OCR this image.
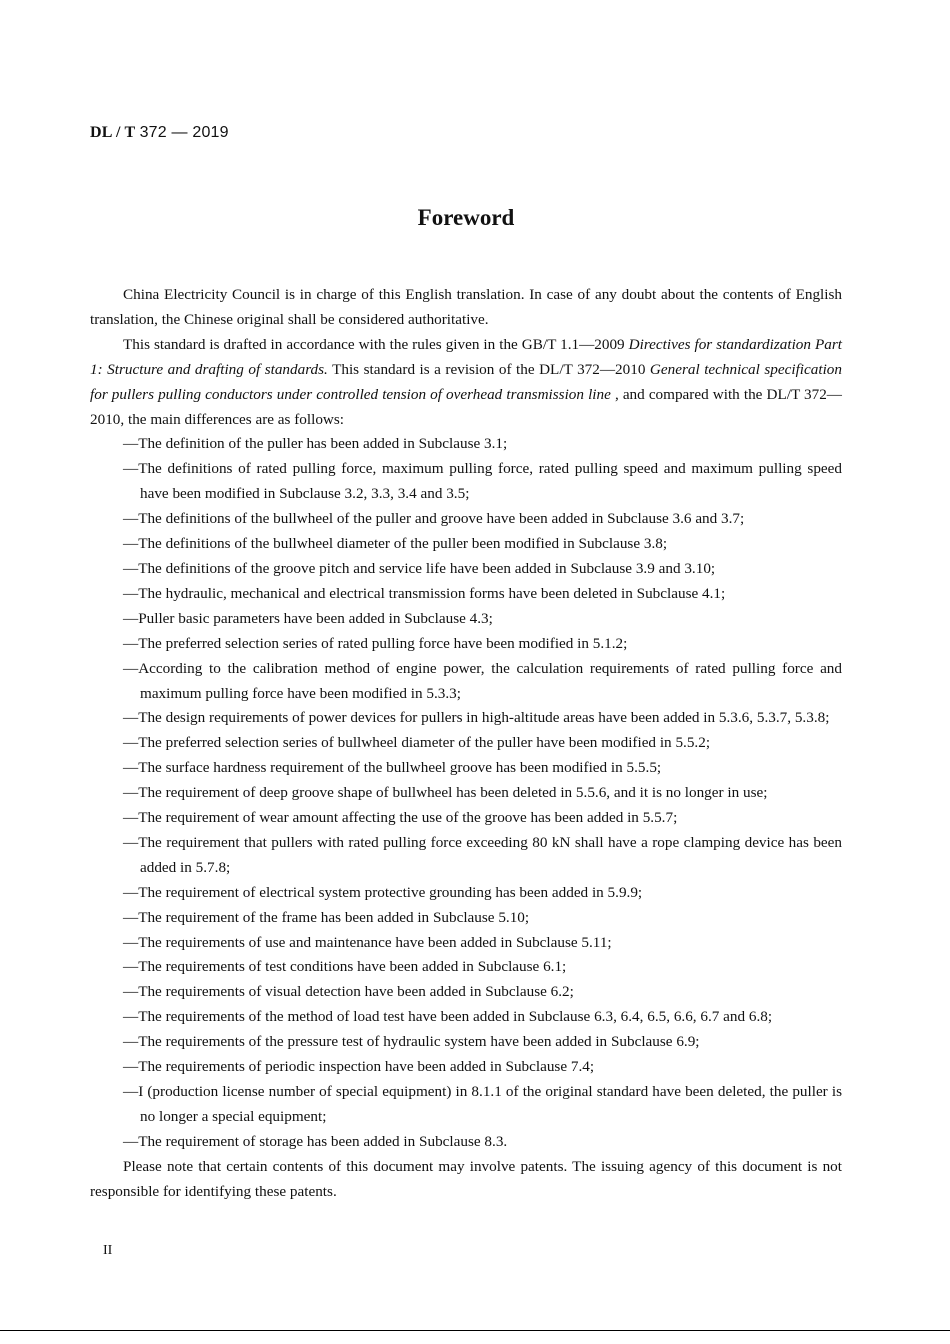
DL / T 372 — 2019
Foreword

China Electricity Council is in charge of this English translation. In case of any doubt about the contents of English translation, the Chinese original shall be considered authoritative.

This standard is drafted in accordance with the rules given in the GB/T 1.1—2009 Directives for standardization Part 1: Structure and drafting of standards. This standard is a revision of the DL/T 372—2010 General technical specification for pullers pulling conductors under controlled tension of overhead transmission line , and compared with the DL/T 372—2010, the main differences are as follows:

—The definition of the puller has been added in Subclause 3.1;
—The definitions of rated pulling force, maximum pulling force, rated pulling speed and maximum pulling speed have been modified in Subclause 3.2, 3.3, 3.4 and 3.5;
—The definitions of the bullwheel of the puller and groove have been added in Subclause 3.6 and 3.7;
—The definitions of the bullwheel diameter of the puller been modified in Subclause 3.8;
—The definitions of the groove pitch and service life have been added in Subclause 3.9 and 3.10;
—The hydraulic, mechanical and electrical transmission forms have been deleted in Subclause 4.1;
—Puller basic parameters have been added in Subclause 4.3;
—The preferred selection series of rated pulling force have been modified in 5.1.2;
—According to the calibration method of engine power, the calculation requirements of rated pulling force and maximum pulling force have been modified in 5.3.3;
—The design requirements of power devices for pullers in high-altitude areas have been added in 5.3.6, 5.3.7, 5.3.8;
—The preferred selection series of bullwheel diameter of the puller have been modified in 5.5.2;
—The surface hardness requirement of the bullwheel groove has been modified in 5.5.5;
—The requirement of deep groove shape of bullwheel has been deleted in 5.5.6, and it is no longer in use;
—The requirement of wear amount affecting the use of the groove has been added in 5.5.7;
—The requirement that pullers with rated pulling force exceeding 80 kN shall have a rope clamping device has been added in 5.7.8;
—The requirement of electrical system protective grounding has been added in 5.9.9;
—The requirement of the frame has been added in Subclause 5.10;
—The requirements of use and maintenance have been added in Subclause 5.11;
—The requirements of test conditions have been added in Subclause 6.1;
—The requirements of visual detection have been added in Subclause 6.2;
—The requirements of the method of load test have been added in Subclause 6.3, 6.4, 6.5, 6.6, 6.7 and 6.8;
—The requirements of the pressure test of hydraulic system have been added in Subclause 6.9;
—The requirements of periodic inspection have been added in Subclause 7.4;
—I (production license number of special equipment) in 8.1.1 of the original standard have been deleted, the puller is no longer a special equipment;
—The requirement of storage has been added in Subclause 8.3.

Please note that certain contents of this document may involve patents. The issuing agency of this document is not responsible for identifying these patents.

II
